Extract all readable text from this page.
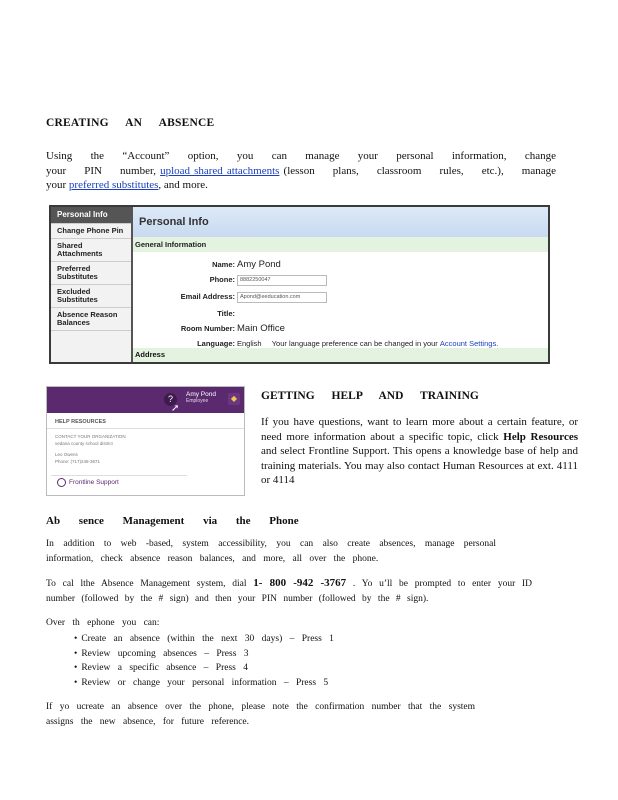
CREATING AN ABSENCE
Using the “Account” option, you can manage your personal information, change your PIN number, upload shared attachments (lesson plans, classroom rules, etc.), manage your preferred substitutes, and more.
Personal Info
Change Phone Pin
Shared Attachments
Preferred Substitutes
Excluded Substitutes
Absence Reason Balances
Personal Info
General Information
Name: Amy Pond
Phone: 8882250047
Email Address: Apond@eeducation.com
Title:
Room Number: Main Office
Language: English Your language preference can be changed in your Account Settings.
Address
?
➚
Amy Pond
Employee	◆
HELP RESOURCES
CONTACT YOUR ORGANIZATION
vedana county school district
Leo Owens
Phone: (717)248-3671
Frontline Support
GETTING HELP AND TRAINING
If you have questions, want to learn more about a certain feature, or need more information about a specific topic, click Help Resources and select Frontline Support. This opens a knowledge base of help and training materials. You may also contact Human Resources at ext. 4111 or 4114
Ab sence Management via the Phone
In addition to web -based, system accessibility, you can also create absences, manage personal information, check absence reason balances, and more, all over the phone.
To cal lthe Absence Management system, dial 1- 800 -942 -3767 . Yo u’ll be prompted to enter your ID number (followed by the # sign) and then your PIN number (followed by the # sign).
Over th ephone you can:
• Create an absence (within the next 30 days) – Press 1
• Review upcoming absences – Press 3
• Review a specific absence – Press 4
• Review or change your personal information – Press 5
If yo ucreate an absence over the phone, please note the confirmation number that the system assigns the new absence, for future reference.
